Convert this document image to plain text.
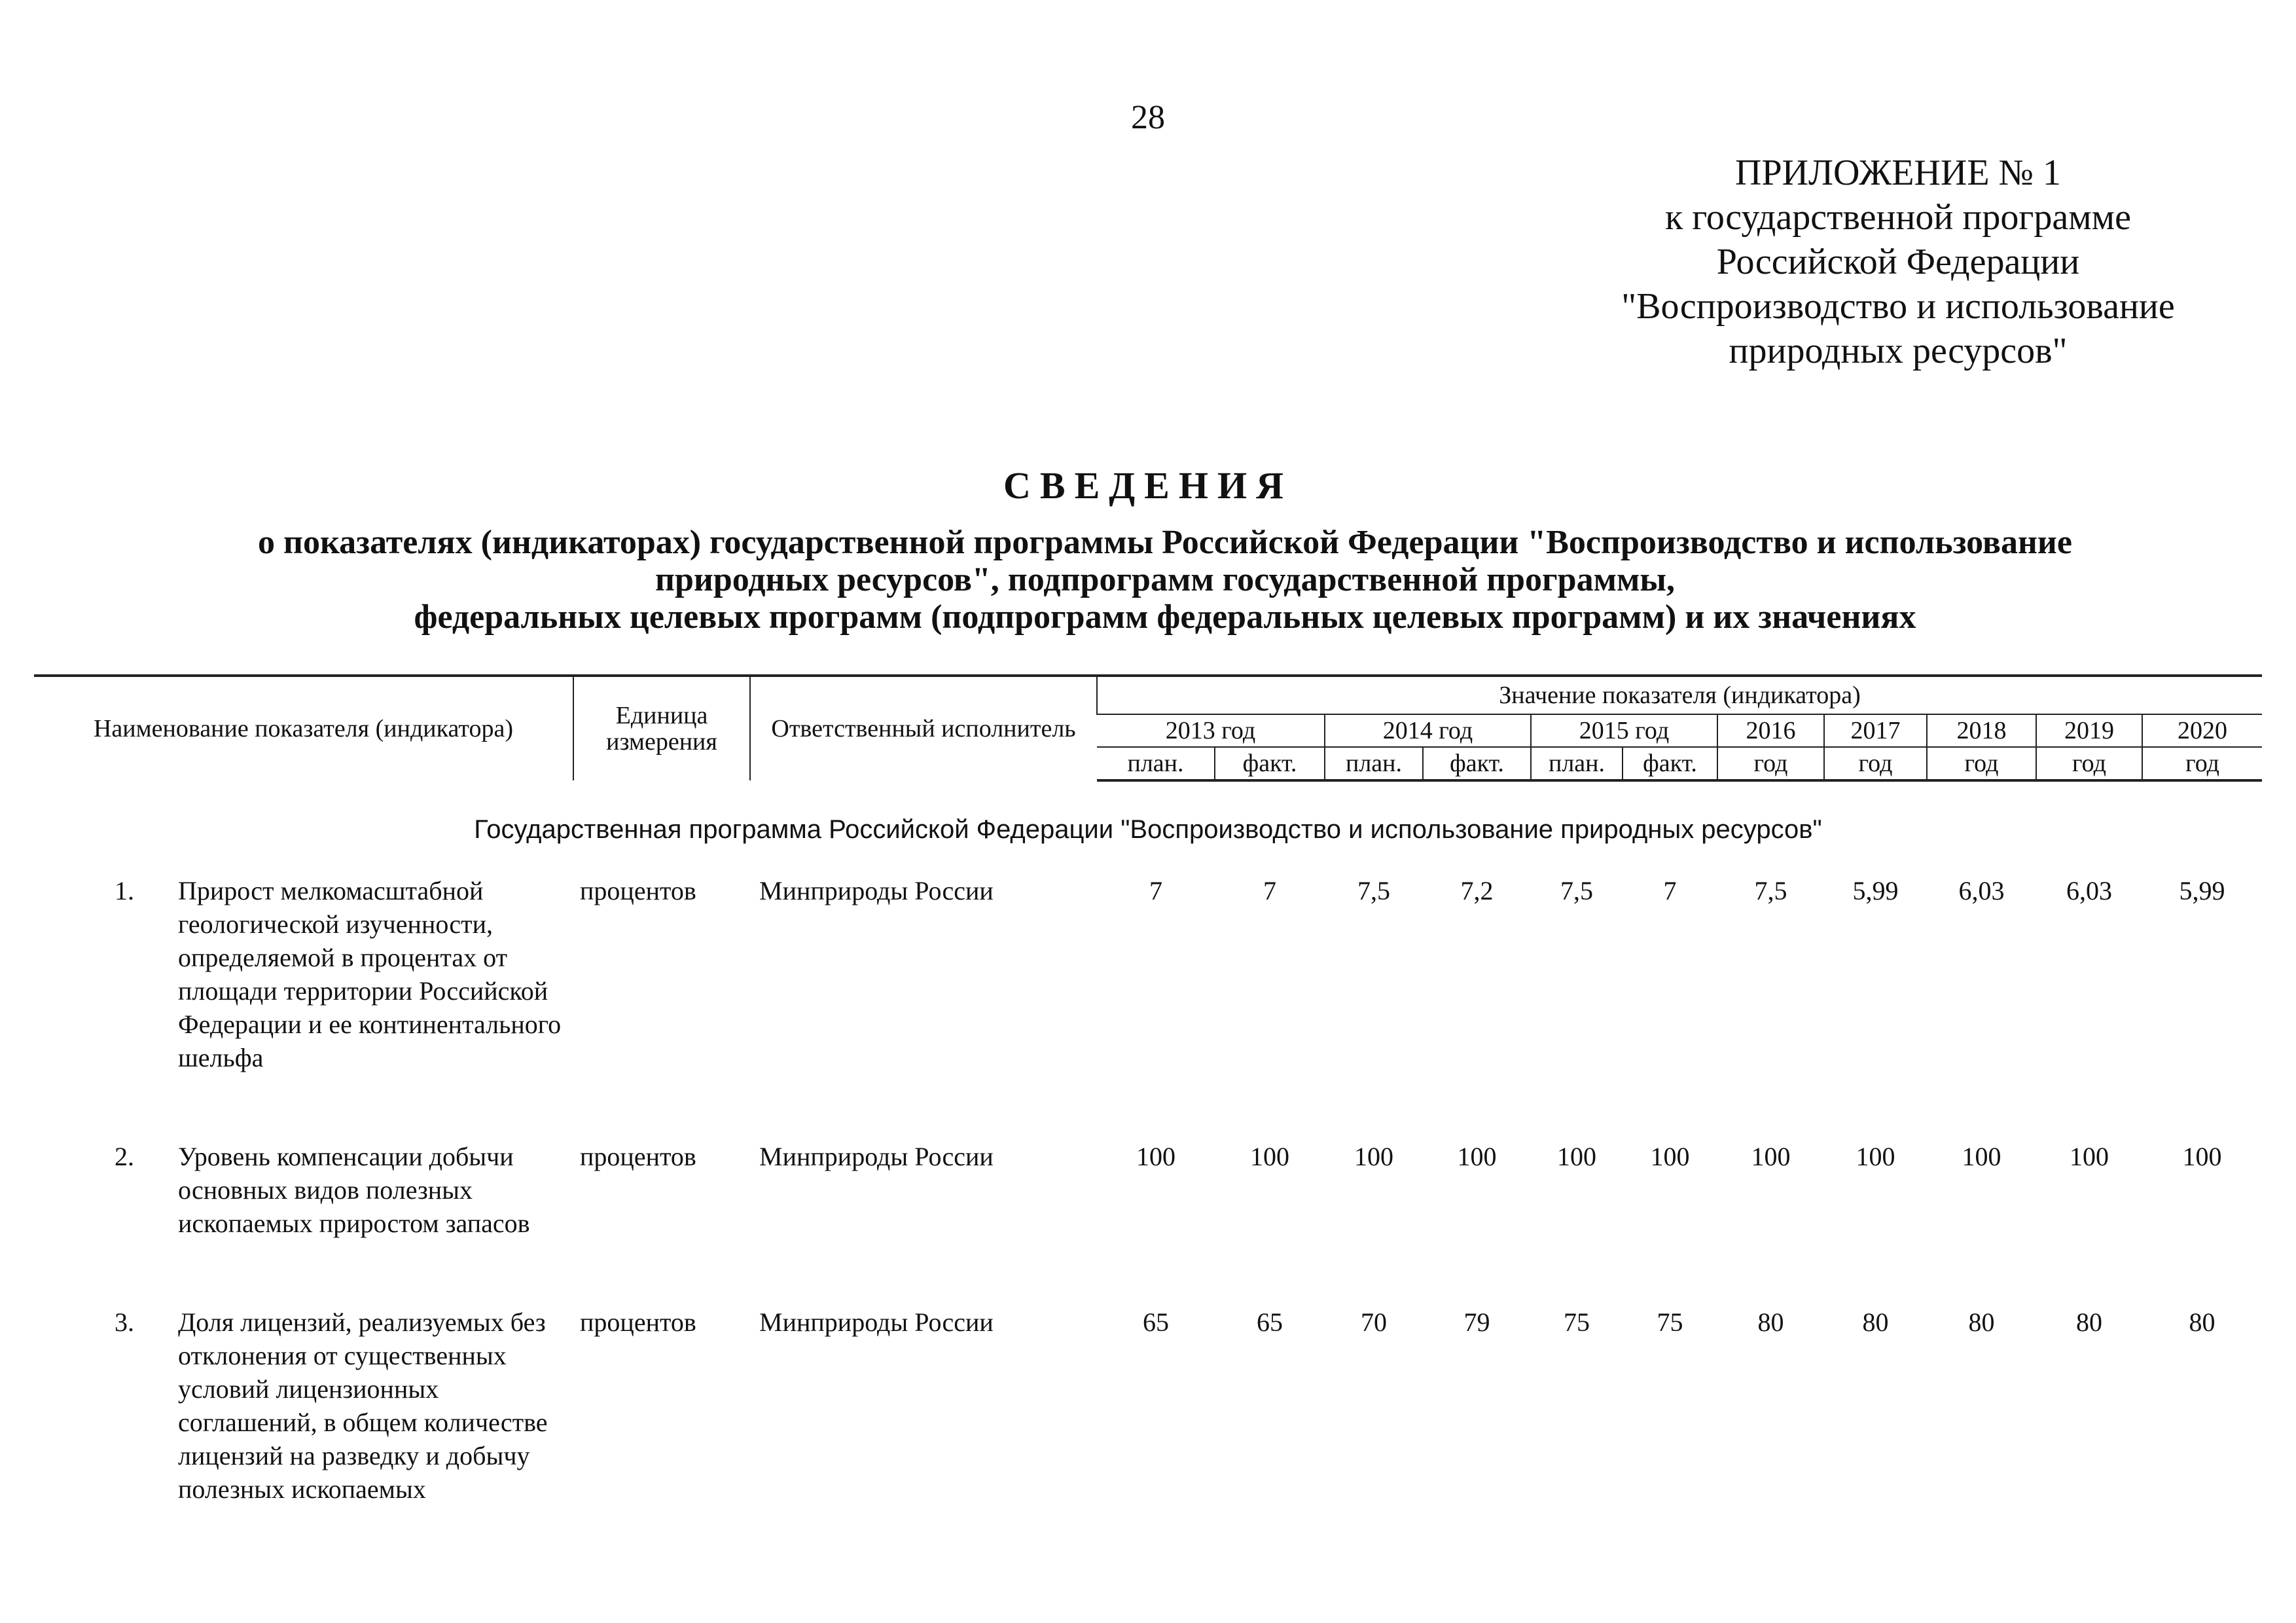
28
ПРИЛОЖЕНИЕ № 1
к государственной программе
Российской Федерации
"Воспроизводство и использование
природных ресурсов"
СВЕДЕНИЯ
о показателях (индикаторах) государственной программы Российской Федерации "Воспроизводство и использование
природных ресурсов", подпрограмм государственной программы,
федеральных целевых программ (подпрограмм федеральных целевых программ) и их значениях
Наименование показателя (индикатора)	Единица измерения	Ответственный исполнитель	Значение показателя (индикатора)										
			2013 год		2014 год		2015 год		2016	2017	2018	2019	2020
			план.	факт.	план.	факт.	план.	факт.	год	год	год	год	год
Государственная программа Российской Федерации "Воспроизводство и использование природных ресурсов"
1.	Прирост мелкомасштабной геологической изученности, определяемой в процентах от площади территории Российской Федерации и ее континентального шельфа	процентов	Минприроды России	7	7	7,5	7,2	7,5	7	7,5	5,99	6,03	6,03	5,99
2.	Уровень компенсации добычи основных видов полезных ископаемых приростом запасов	процентов	Минприроды России	100	100	100	100	100	100	100	100	100	100	100
3.	Доля лицензий, реализуемых без отклонения от существенных условий лицензионных соглашений, в общем количестве лицензий на разведку и добычу полезных ископаемых	процентов	Минприроды России	65	65	70	79	75	75	80	80	80	80	80
